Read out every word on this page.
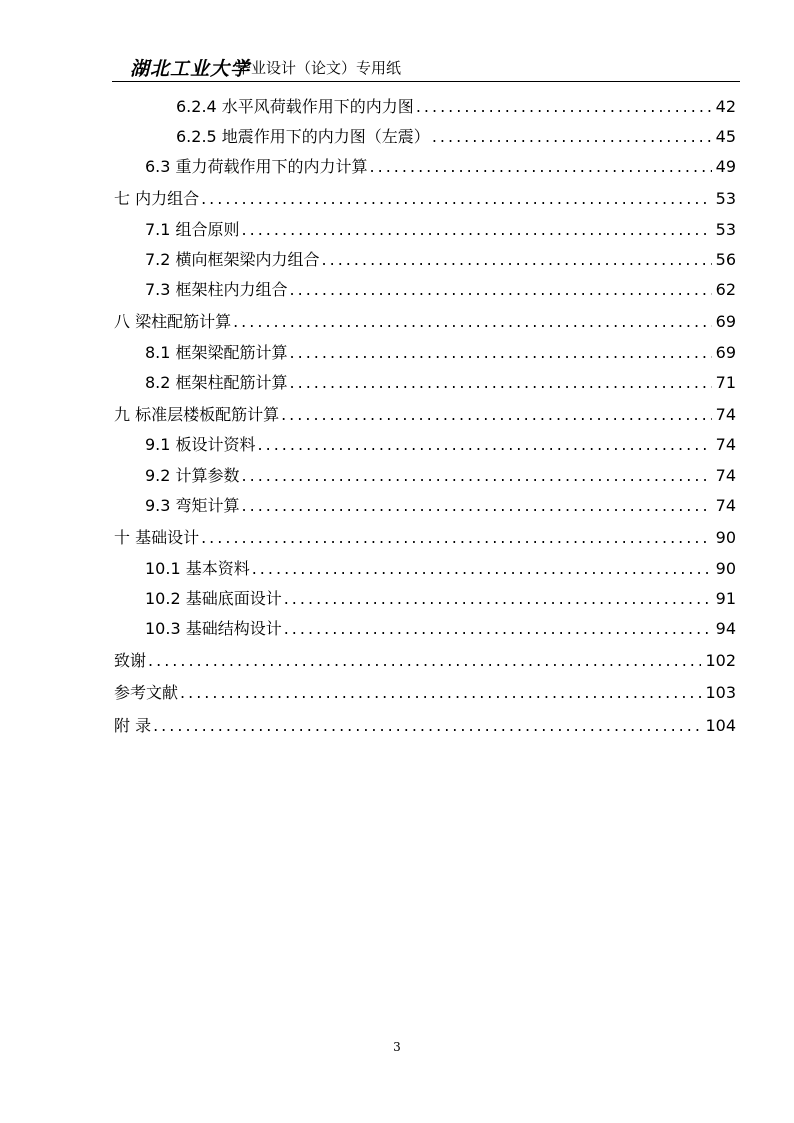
湖北工业大学
毕业设计（论文）专用纸
6.2.4 水平风荷载作用下的内力图 .....	42
6.2.5 地震作用下的内力图（左震） .....	45
6.3 重力荷载作用下的内力计算 .....	49
七 内力组合 .....	53
7.1 组合原则 .....	53
7.2 横向框架梁内力组合 .....	56
7.3 框架柱内力组合 .....	62
八 梁柱配筋计算 .....	69
8.1 框架梁配筋计算 .....	69
8.2 框架柱配筋计算 .....	71
九 标准层楼板配筋计算 .....	74
9.1 板设计资料 .....	74
9.2 计算参数 .....	74
9.3 弯矩计算 .....	74
十 基础设计 .....	90
10.1 基本资料 .....	90
10.2 基础底面设计 .....	91
10.3 基础结构设计 .....	94
致谢 .....	102
参考文献 .....	103
附 录 .....	104
3
